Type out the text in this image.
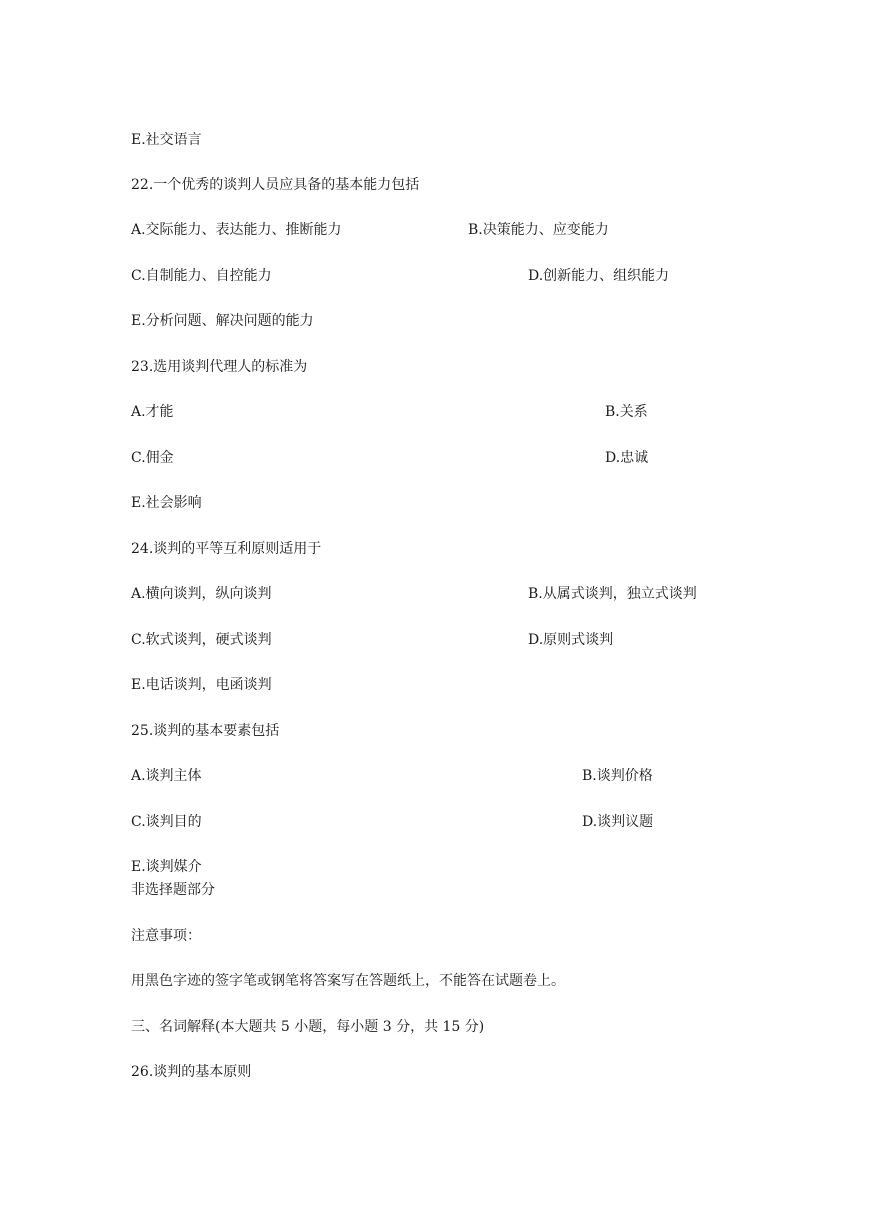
E.社交语言
22.一个优秀的谈判人员应具备的基本能力包括
A.交际能力、表达能力、推断能力	B.决策能力、应变能力
C.自制能力、自控能力	D.创新能力、组织能力
E.分析问题、解决问题的能力
23.选用谈判代理人的标准为
A.才能	B.关系
C.佣金	D.忠诚
E.社会影响
24.谈判的平等互利原则适用于
A.横向谈判，纵向谈判	B.从属式谈判，独立式谈判
C.软式谈判，硬式谈判	D.原则式谈判
E.电话谈判，电函谈判
25.谈判的基本要素包括
A.谈判主体	B.谈判价格
C.谈判目的	D.谈判议题
E.谈判媒介
非选择题部分
注意事项：
用黑色字迹的签字笔或钢笔将答案写在答题纸上，不能答在试题卷上。
三、名词解释(本大题共 5 小题，每小题 3 分，共 15 分)
26.谈判的基本原则
